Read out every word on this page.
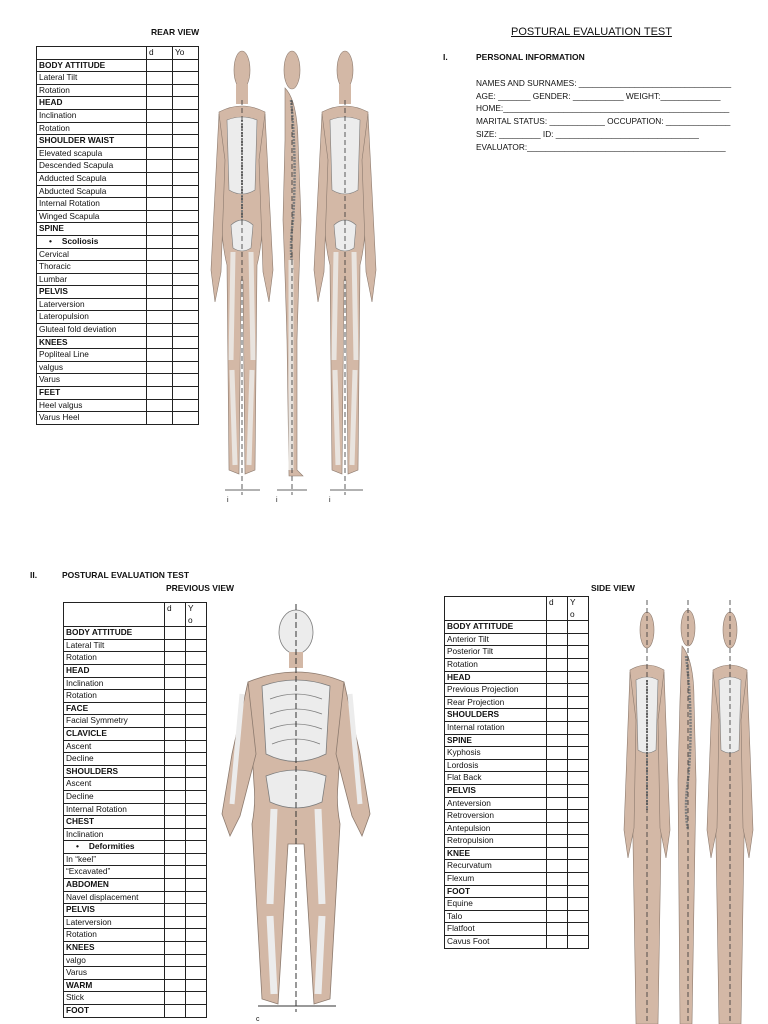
REAR VIEW
	d	Yo
BODY ATTITUDE		
Lateral Tilt		
Rotation		
HEAD		
Inclination		
Rotation		
SHOULDER WAIST		
Elevated scapula		
Descended Scapula		
Adducted Scapula		
Abducted Scapula		
Internal Rotation		
Winged Scapula		
SPINE		
• Scoliosis		
Cervical		
Thoracic		
Lumbar		
PELVIS		
Laterversion		
Lateropulsion		
Gluteal fold deviation		
KNEES		
Popliteal Line		
valgus		
Varus		
FEET		
Heel valgus		
Varus Heel		
POSTURAL EVALUATION TEST
I.	PERSONAL INFORMATION
NAMES AND SURNAMES: _________________________________
AGE: _______ GENDER: ___________ WEIGHT:_____________
HOME:_________________________________________________
MARITAL STATUS: ____________ OCCUPATION: ______________
SIZE: _________ ID: _______________________________
EVALUATOR:___________________________________________
i	i	i
II.	POSTURAL EVALUATION TEST
PREVIOUS VIEW
	d	Y
o
BODY ATTITUDE		
Lateral Tilt		
Rotation		
HEAD		
Inclination		
Rotation		
FACE		
Facial Symmetry		
CLAVICLE		
Ascent		
Decline		
SHOULDERS		
Ascent		
Decline		
Internal Rotation		
CHEST		
Inclination		
• Deformities		
In “keel”		
“Excavated”		
ABDOMEN		
Navel displacement		
PELVIS		
Laterversion		
Rotation		
KNEES		
valgo		
Varus		
WARM		
Stick		
FOOT		
c
SIDE VIEW
	d	Y
o
BODY ATTITUDE		
Anterior Tilt		
Posterior Tilt		
Rotation		
HEAD		
Previous Projection		
Rear Projection		
SHOULDERS		
Internal rotation		
SPINE		
Kyphosis		
Lordosis		
Flat Back		
PELVIS		
Anteversion		
Retroversion		
Antepulsion		
Retropulsion		
KNEE		
Recurvatum		
Flexum		
FOOT		
Equine		
Talo		
Flatfoot		
Cavus Foot		
